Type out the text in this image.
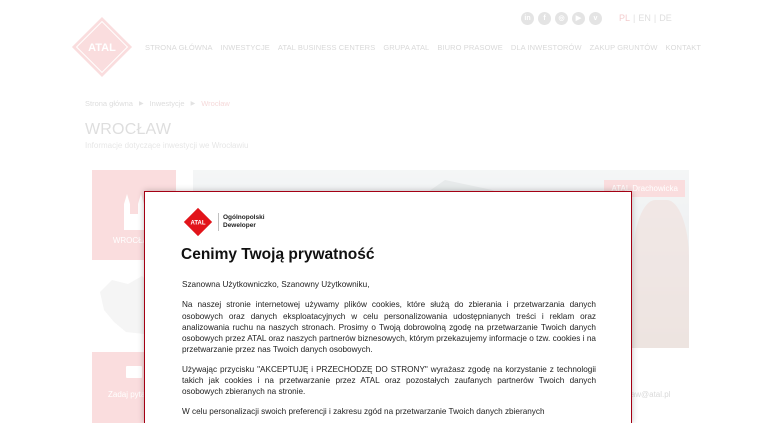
ATAL
Ogólnopolski
Deweloper
Cenimy Twoją prywatność

Szanowna Użytkowniczko, Szanowny Użytkowniku,

Na naszej stronie internetowej używamy plików cookies, które służą do zbierania i przetwarzania danych osobowych oraz danych eksploatacyjnych w celu personalizowania udostępnianych treści i reklam oraz analizowania ruchu na naszych stronach. Prosimy o Twoją dobrowolną zgodę na przetwarzanie Twoich danych osobowych przez ATAL oraz naszych partnerów biznesowych, którym przekazujemy informacje o tzw. cookies i na przetwarzanie przez nas Twoich danych osobowych.

Używając przycisku "AKCEPTUJĘ i PRZECHODZĘ DO STRONY" wyrażasz zgodę na korzystanie z technologii takich jak cookies i na przetwarzanie przez ATAL oraz pozostałych zaufanych partnerów Twoich danych osobowych zbieranych na stronie.

W celu personalizacji swoich preferencji i zakresu zgód na przetwarzanie Twoich danych zbieranych
